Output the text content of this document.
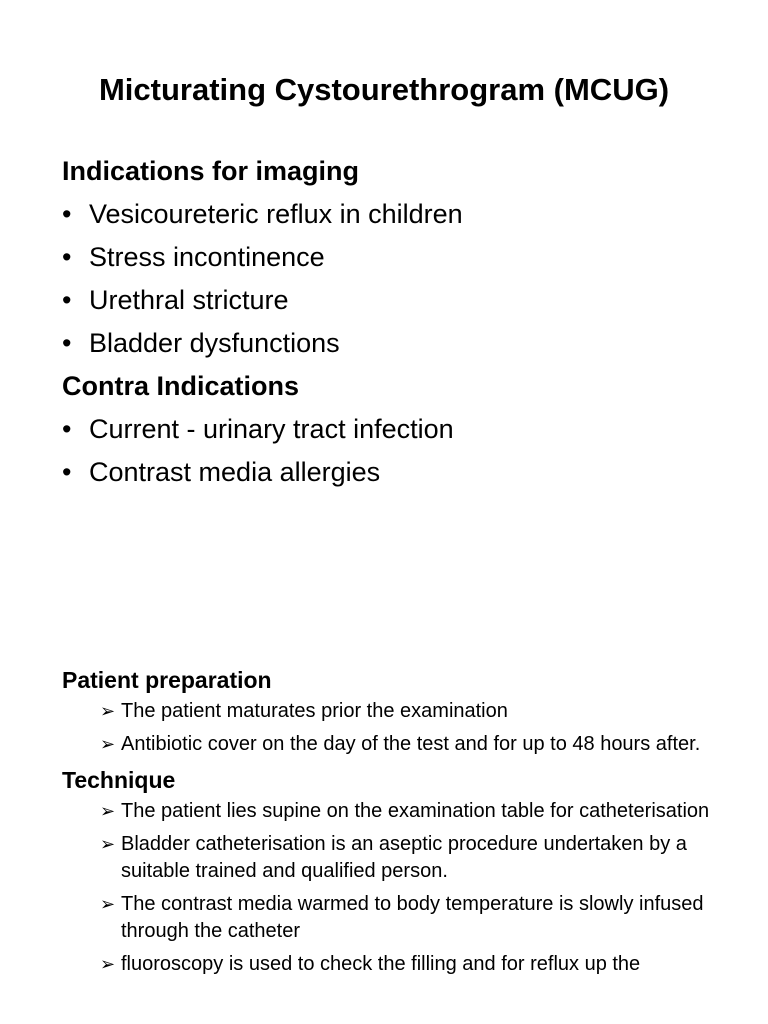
Micturating Cystourethrogram (MCUG)
Indications for imaging
• Vesicoureteric reflux in children
• Stress incontinence
• Urethral stricture
• Bladder dysfunctions
Contra Indications
• Current - urinary tract infection
• Contrast media allergies
Patient preparation
➢ The patient maturates prior the examination
➢ Antibiotic cover on the day of the test and for up to 48 hours after.
Technique
➢ The patient lies supine on the examination table for catheterisation
➢ Bladder catheterisation is an aseptic procedure undertaken by a suitable trained and qualified person.
➢ The contrast media warmed to body temperature is slowly infused through the catheter
➢ fluoroscopy is used to check the filling and for reflux up the
